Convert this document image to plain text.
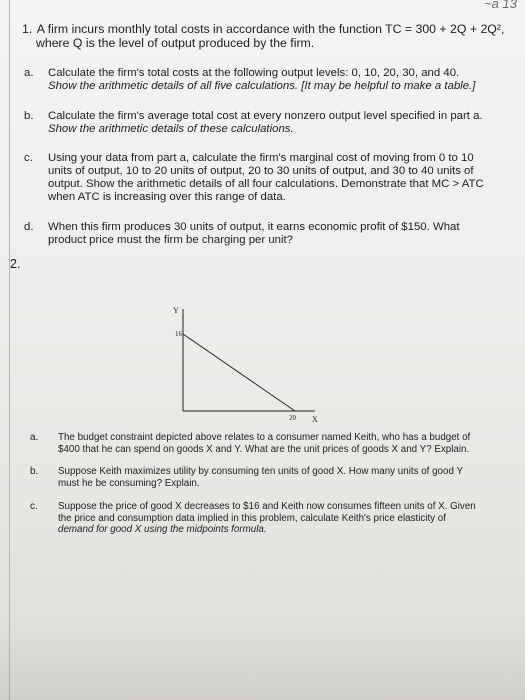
~a 13
1. A firm incurs monthly total costs in accordance with the function TC = 300 + 2Q + 2Q²,
where Q is the level of output produced by the firm.
a.	Calculate the firm's total costs at the following output levels: 0, 10, 20, 30, and 40.
Show the arithmetic details of all five calculations. [It may be helpful to make a table.]
b.	Calculate the firm's average total cost at every nonzero output level specified in part a.
Show the arithmetic details of these calculations.
c.	Using your data from part a, calculate the firm's marginal cost of moving from 0 to 10
units of output, 10 to 20 units of output, 20 to 30 units of output, and 30 to 40 units of
output. Show the arithmetic details of all four calculations. Demonstrate that MC > ATC
when ATC is increasing over this range of data.
d.	When this firm produces 30 units of output, it earns economic profit of $150. What
product price must the firm be charging per unit?
2.
Y
X
16
20
a.	The budget constraint depicted above relates to a consumer named Keith, who has a budget of
$400 that he can spend on goods X and Y. What are the unit prices of goods X and Y? Explain.
b.	Suppose Keith maximizes utility by consuming ten units of good X. How many units of good Y
must he be consuming? Explain.
c.	Suppose the price of good X decreases to $16 and Keith now consumes fifteen units of X. Given
the price and consumption data implied in this problem, calculate Keith's price elasticity of
demand for good X using the midpoints formula.
